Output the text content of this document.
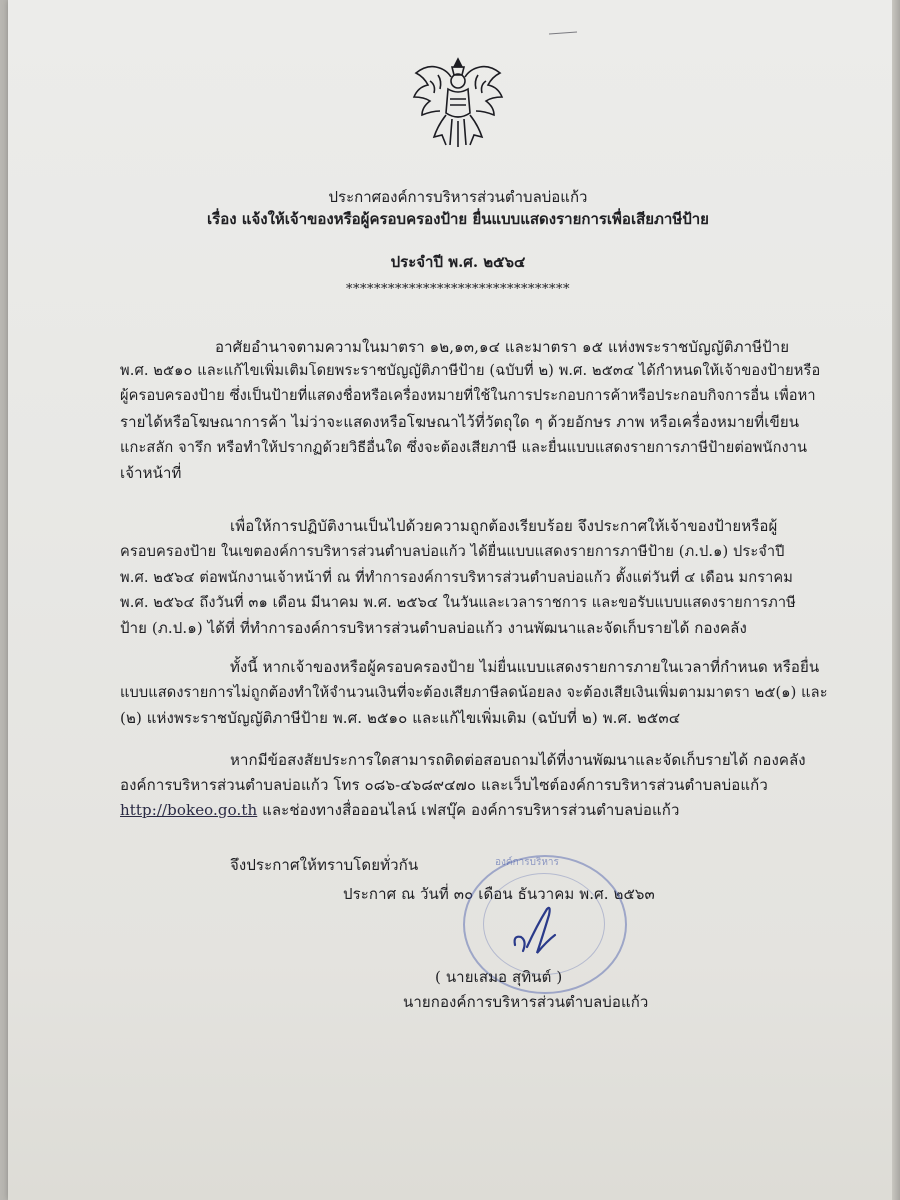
ประกาศองค์การบริหารส่วนตำบลบ่อแก้ว
เรื่อง แจ้งให้เจ้าของหรือผู้ครอบครองป้าย ยื่นแบบแสดงรายการเพื่อเสียภาษีป้าย
ประจำปี พ.ศ. ๒๕๖๔
********************************
อาศัยอำนาจตามความในมาตรา ๑๒,๑๓,๑๔ และมาตรา ๑๕ แห่งพระราชบัญญัติภาษีป้าย
พ.ศ. ๒๕๑๐ และแก้ไขเพิ่มเติมโดยพระราชบัญญัติภาษีป้าย (ฉบับที่ ๒) พ.ศ. ๒๕๓๔ ได้กำหนดให้เจ้าของป้ายหรือ
ผู้ครอบครองป้าย ซึ่งเป็นป้ายที่แสดงชื่อหรือเครื่องหมายที่ใช้ในการประกอบการค้าหรือประกอบกิจการอื่น เพื่อหา
รายได้หรือโฆษณาการค้า ไม่ว่าจะแสดงหรือโฆษณาไว้ที่วัตถุใด ๆ ด้วยอักษร ภาพ หรือเครื่องหมายที่เขียน
แกะสลัก จารึก หรือทำให้ปรากฏด้วยวิธีอื่นใด ซึ่งจะต้องเสียภาษี และยื่นแบบแสดงรายการภาษีป้ายต่อพนักงาน
เจ้าหน้าที่
เพื่อให้การปฏิบัติงานเป็นไปด้วยความถูกต้องเรียบร้อย จึงประกาศให้เจ้าของป้ายหรือผู้
ครอบครองป้าย ในเขตองค์การบริหารส่วนตำบลบ่อแก้ว ได้ยื่นแบบแสดงรายการภาษีป้าย (ภ.ป.๑) ประจำปี
พ.ศ. ๒๕๖๔ ต่อพนักงานเจ้าหน้าที่ ณ ที่ทำการองค์การบริหารส่วนตำบลบ่อแก้ว ตั้งแต่วันที่ ๔ เดือน มกราคม
พ.ศ. ๒๕๖๔ ถึงวันที่ ๓๑ เดือน มีนาคม พ.ศ. ๒๕๖๔ ในวันและเวลาราชการ และขอรับแบบแสดงรายการภาษี
ป้าย (ภ.ป.๑) ได้ที่ ที่ทำการองค์การบริหารส่วนตำบลบ่อแก้ว งานพัฒนาและจัดเก็บรายได้ กองคลัง
ทั้งนี้ หากเจ้าของหรือผู้ครอบครองป้าย ไม่ยื่นแบบแสดงรายการภายในเวลาที่กำหนด หรือยื่น
แบบแสดงรายการไม่ถูกต้องทำให้จำนวนเงินที่จะต้องเสียภาษีลดน้อยลง จะต้องเสียเงินเพิ่มตามมาตรา ๒๕(๑) และ
(๒) แห่งพระราชบัญญัติภาษีป้าย พ.ศ. ๒๕๑๐ และแก้ไขเพิ่มเติม (ฉบับที่ ๒) พ.ศ. ๒๕๓๔
หากมีข้อสงสัยประการใดสามารถติดต่อสอบถามได้ที่งานพัฒนาและจัดเก็บรายได้ กองคลัง
องค์การบริหารส่วนตำบลบ่อแก้ว โทร ๐๘๖-๔๖๘๙๔๗๐ และเว็บไซต์องค์การบริหารส่วนตำบลบ่อแก้ว
http://bokeo.go.th และช่องทางสื่อออนไลน์ เฟสบุ๊ค องค์การบริหารส่วนตำบลบ่อแก้ว
จึงประกาศให้ทราบโดยทั่วกัน
ประกาศ ณ วันที่ ๓๐ เดือน ธันวาคม พ.ศ. ๒๕๖๓
องค์การบริหาร
( นายเสมอ สุทินต์ )
นายกองค์การบริหารส่วนตำบลบ่อแก้ว
